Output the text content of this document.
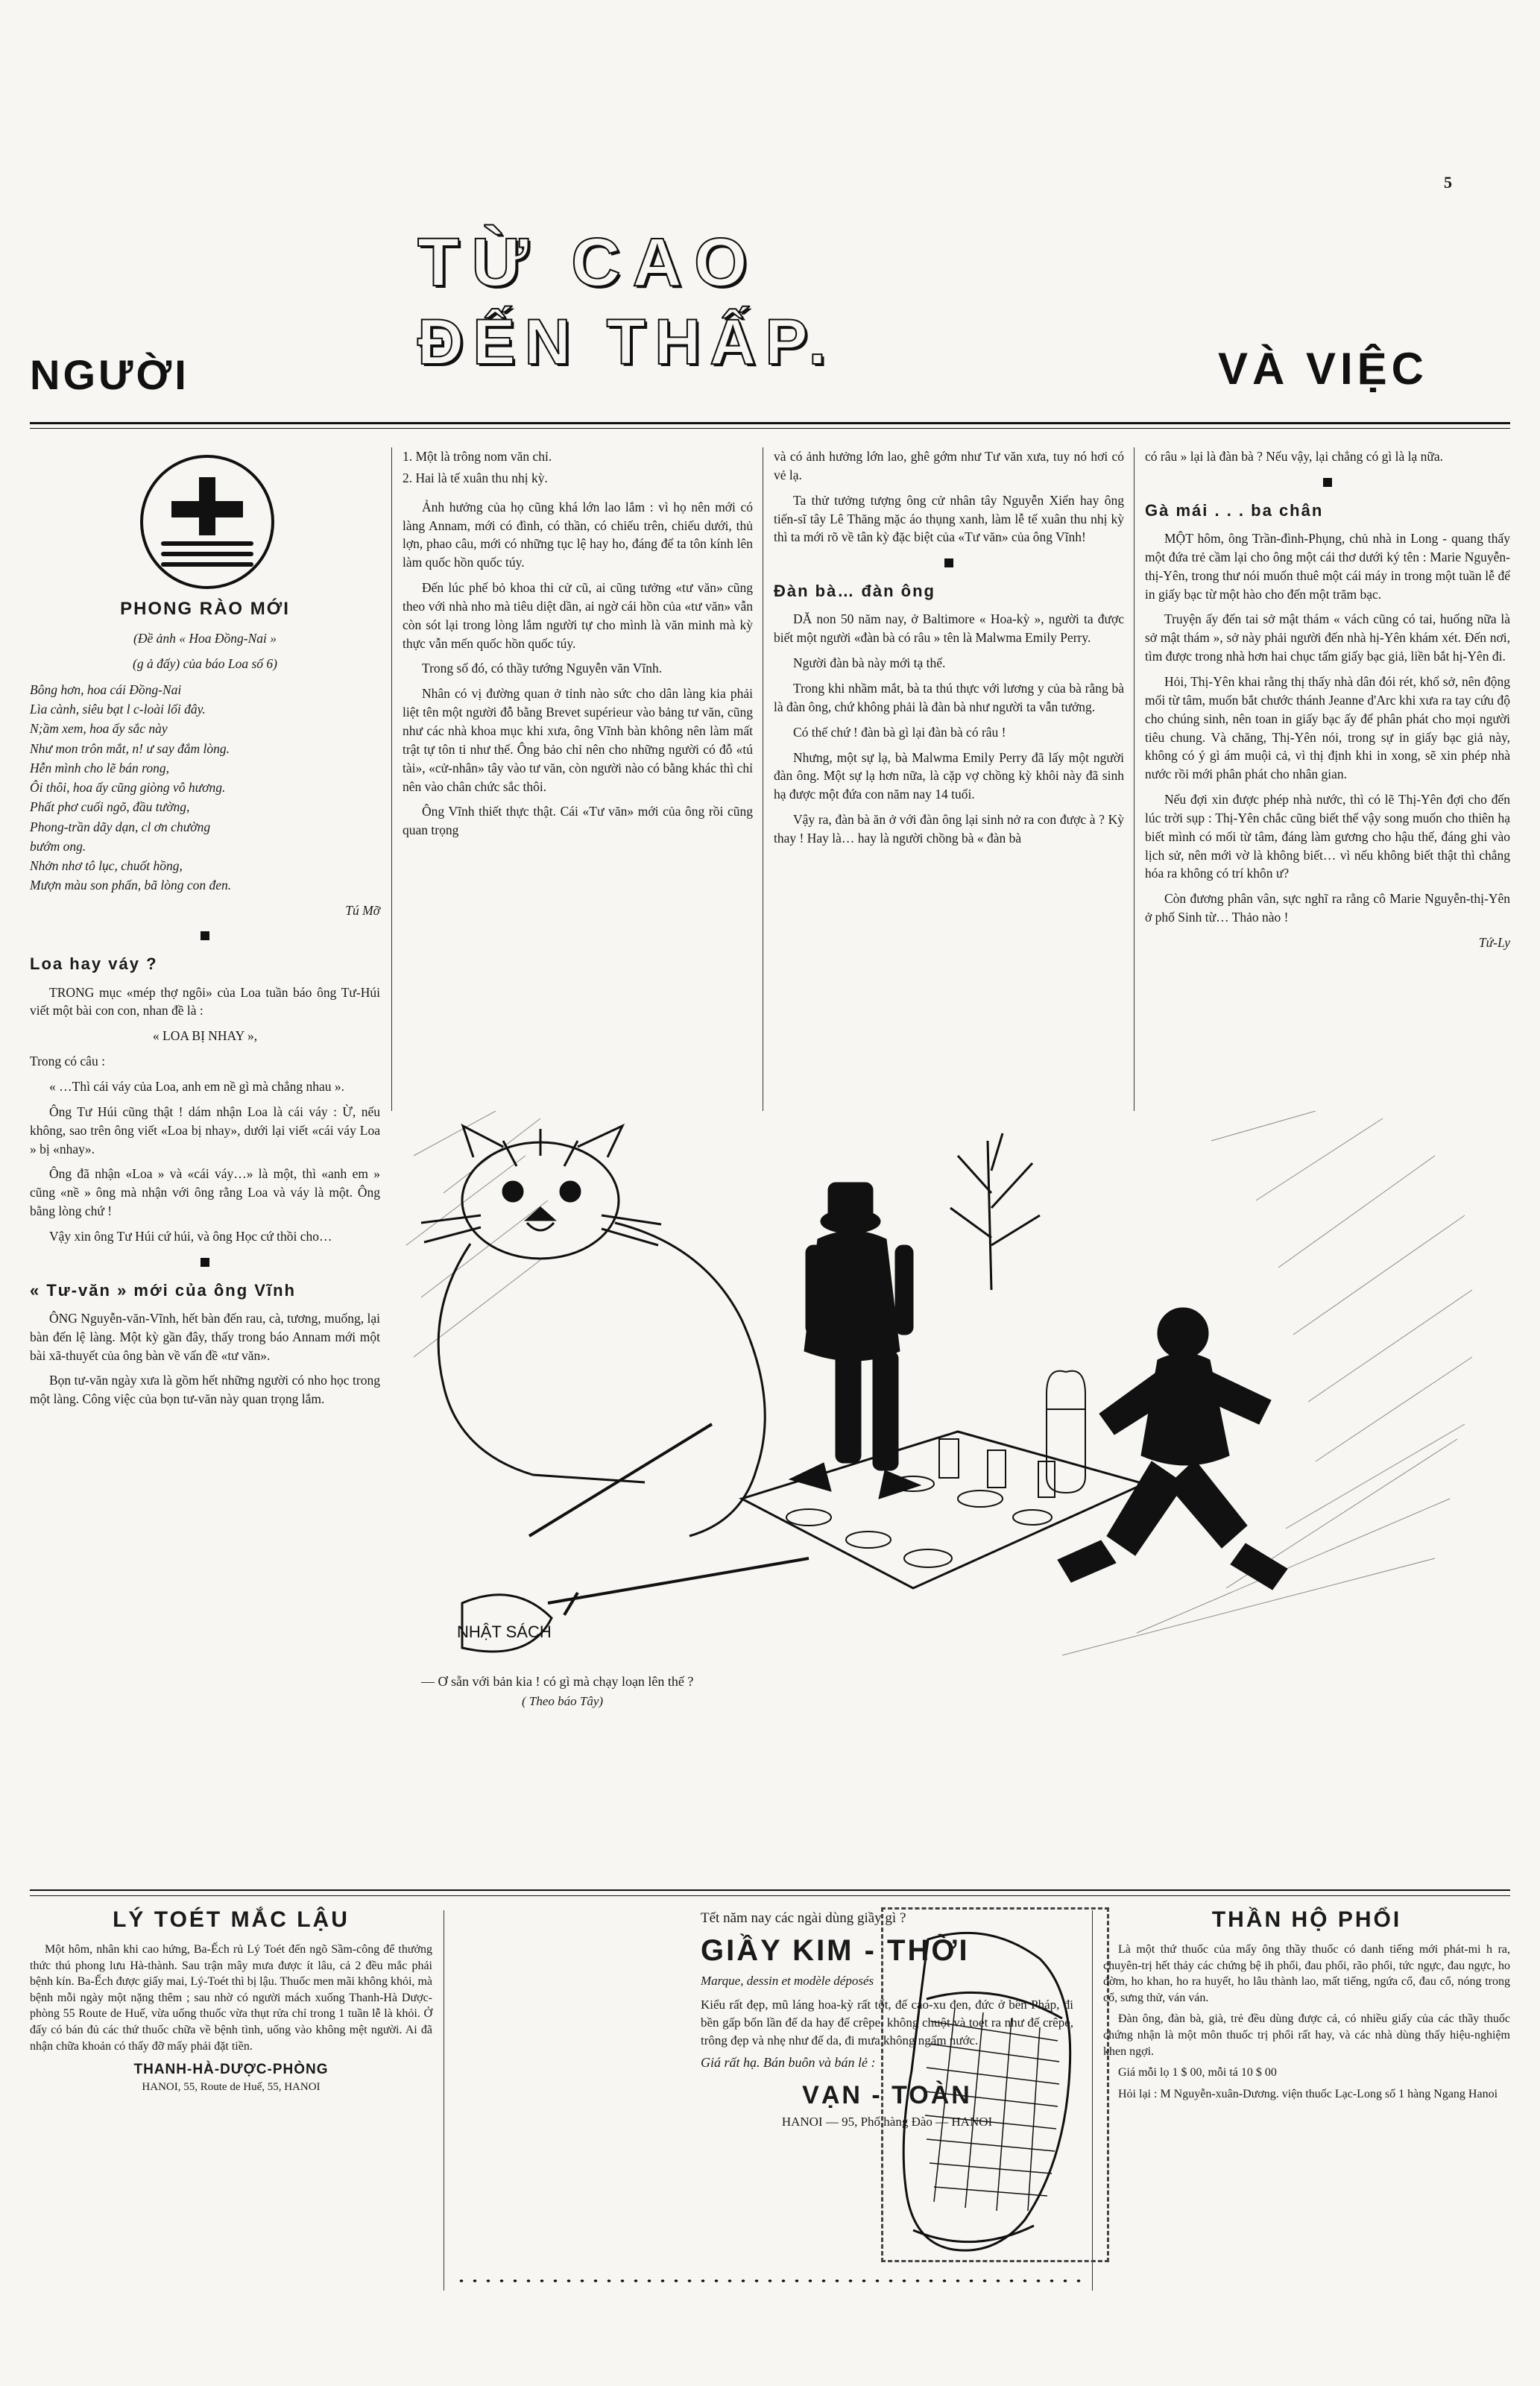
5
NGƯỜI
TỪ CAO
ĐẾN THẤP.	VÀ VIỆC
PHONG RÀO MỚI

(Đề ảnh « Hoa Đồng-Nai »

(g ả đấy) của báo Loa số 6)

Bông hơn, hoa cái Đồng-Nai
Lìa cành, siêu bạt l c-loài lối đây.
N;ầm xem, hoa ấy sắc này
Như mon trôn mắt, n! ư say đắm lòng.
Hễn mình cho lẽ bán rong,
Ôi thôi, hoa ấy cũng giòng vô hương.
Phất phơ cuối ngõ, đầu tường,
Phong-trần dãy dạn, cl ơn chường
bướm ong.
Nhởn nhơ tô lục, chuốt hồng,
Mượn màu son phấn, bã lòng con đen.
Tú Mỡ
Loa hay váy ?

TRONG mục «mép thợ ngôi» của Loa tuần báo ông Tư-Húi viết một bài con con, nhan đề là :

« LOA BỊ NHAY »,

Trong có câu :

« …Thì cái váy của Loa, anh em nề gì mà chẳng nhau ».

Ông Tư Húi cũng thật ! dám nhận Loa là cái váy : Ừ, nếu không, sao trên ông viết «Loa bị nhay», dưới lại viết «cái váy Loa » bị «nhay».

Ông đã nhận «Loa » và «cái váy…» là một, thì «anh em » cũng «nề » ông mà nhận với ông rằng Loa và váy là một. Ông bằng lòng chứ !

Vậy xin ông Tư Húi cứ húi, và ông Học cứ thồi cho…

« Tư-văn » mới của ông Vĩnh

ÔNG Nguyễn-văn-Vĩnh, hết bàn đến rau, cà, tương, muống, lại bàn đến lệ làng. Một kỳ gần đây, thấy trong báo Annam mới một bài xã-thuyết của ông bàn về vấn đề «tư văn».

Bọn tư-văn ngày xưa là gồm hết những người có nho học trong một làng. Công việc của bọn tư-văn này quan trọng lắm.

1. Một là trông nom văn chỉ.
2. Hai là tế xuân thu nhị kỳ.

Ảnh hưởng của họ cũng khá lớn lao lắm : vì họ nên mới có làng Annam, mới có đình, có thần, có chiếu trên, chiếu dưới, thủ lợn, phao câu, mới có những tục lệ hay ho, đáng để ta tôn kính lên làm quốc hồn quốc túy.

Đến lúc phế bỏ khoa thi cử cũ, ai cũng tưởng «tư văn» cũng theo với nhà nho mà tiêu diệt dần, ai ngờ cái hồn của «tư văn» vẫn còn sót lại trong lòng lắm người tự cho mình là văn minh mà kỳ thực vẫn mến quốc hồn quốc túy.

Trong số đó, có thầy tướng Nguyễn văn Vĩnh.

Nhân có vị đường quan ở tỉnh nào sức cho dân làng kia phải liệt tên một người đỗ bằng Brevet supérieur vào bảng tư văn, cũng như các nhà khoa mục khi xưa, ông Vĩnh bàn không nên làm mất trật tự tôn ti như thế. Ông bảo chỉ nên cho những người có đỗ «tú tài», «cử-nhân» tây vào tư văn, còn người nào có bằng khác thì chỉ nên vào chân chức sắc thôi.

Ông Vĩnh thiết thực thật. Cái «Tư văn» mới của ông rồi cũng quan trọng

và có ảnh hưởng lớn lao, ghê gớm như Tư văn xưa, tuy nó hơi có vẻ lạ.

Ta thử tưởng tượng ông cử nhân tây Nguyễn Xiển hay ông tiến-sĩ tây Lê Thăng mặc áo thụng xanh, làm lễ tế xuân thu nhị kỳ thì ta mới rõ về tân kỳ đặc biệt của «Tư văn» của ông Vĩnh!

Đàn bà… đàn ông

DĂ non 50 năm nay, ở Baltimore « Hoa-kỳ », người ta được biết một người «đàn bà có râu » tên là Malwma Emily Perry.

Người đàn bà này mới tạ thế.

Trong khi nhầm mắt, bà ta thú thực với lương y của bà rằng bà là đàn ông, chứ không phải là đàn bà như người ta vẫn tưởng.

Có thế chứ ! đàn bà gì lại đàn bà có râu !

Nhưng, một sự lạ, bà Malwma Emily Perry đã lấy một người đàn ông. Một sự lạ hơn nữa, là cặp vợ chồng kỳ khôi này đã sinh hạ được một đứa con năm nay 14 tuổi.

Vậy ra, đàn bà ăn ở với đàn ông lại sinh nở ra con được à ? Kỳ thay ! Hay là… hay là người chồng bà « đàn bà

có râu » lại là đàn bà ? Nếu vậy, lại chẳng có gì là lạ nữa.

Gà mái . . . ba chân

MỘT hôm, ông Trần-đình-Phụng, chủ nhà in Long - quang thấy một đứa trẻ cầm lại cho ông một cái thơ dưới ký tên : Marie Nguyễn-thị-Yên, trong thư nói muốn thuê một cái máy in trong một tuần lễ để in giấy bạc từ một hào cho đến một trăm bạc.

Truyện ấy đến tai sở mật thám « vách cũng có tai, huống nữa là sở mật thám », sở này phải người đến nhà hị-Yên khám xét. Đến nơi, tìm được trong nhà hơn hai chục tấm giấy bạc giả, liền bắt hị-Yên đi.

Hỏi, Thị-Yên khai rằng thị thấy nhà dân đói rét, khổ sở, nên động mối từ tâm, muốn bắt chước thánh Jeanne d'Arc khi xưa ra tay cứu độ cho chúng sinh, nên toan in giấy bạc ấy để phân phát cho mọi người tiêu chung. Và chăng, Thị-Yên nói, trong sự in giấy bạc giả này, không có ý gì ám muội cả, vì thị định khi in xong, sẽ xin phép nhà nước rồi mới phân phát cho nhân gian.

Nếu đợi xin được phép nhà nước, thì có lẽ Thị-Yên đợi cho đến lúc trời sụp : Thị-Yên chắc cũng biết thế vậy song muốn cho thiên hạ biết mình có mối từ tâm, đáng làm gương cho hậu thế, đáng ghi vào lịch sử, nên mới vờ là không biết… vì nếu không biết thật thì chẳng hóa ra không có trí khôn ư?

Còn đương phân vân, sực nghĩ ra rằng cô Marie Nguyễn-thị-Yên ở phố Sinh từ… Thảo nào !

Tứ-Ly
NHẬT SÁCH
— Ơ sẵn với bản kia ! có gì mà chạy loạn lên thế ?
( Theo báo Tây)
LÝ TOÉT MẮC LẬU

Một hôm, nhân khi cao hứng, Ba-Ếch rủ Lý Toét đến ngõ Sầm-công để thưởng thức thú phong lưu Hà-thành. Sau trận mây mưa được ít lâu, cả 2 đều mắc phải bệnh kín. Ba-Ếch được giấy mai, Lý-Toét thì bị lậu. Thuốc men mãi không khỏi, mà bệnh mỗi ngày một nặng thêm ; sau nhờ có người mách xuống Thanh-Hà Dược-phòng 55 Route de Huế, vừa uống thuốc vừa thụt rửa chỉ trong 1 tuần lễ là khỏi. Ở đấy có bán đủ các thứ thuốc chữa về bệnh tình, uống vào không mệt người. Ai đã nhận chữa khoản có thấy đỡ mấy phải đặt tiền.

THANH-HÀ-DƯỢC-PHÒNG
HANOI, 55, Route de Huế, 55, HANOI
Tết năm nay các ngài dùng giầy gì ?
GIẦY KIM - THỜI
Marque, dessin et modèle déposés
Kiểu rất đẹp, mũ láng hoa-kỳ rất tốt, đế cao-xu đen, đức ở bên Pháp, đi bền gấp bốn lần đế da hay đế crêpe, không chuột và toẹt ra như đế crêpe, trông đẹp và nhẹ như đế da, đi mưa không ngấm nước.
Giá rất hạ. Bán buôn và bán lẻ :
VẠN - TOÀN
HANOI — 95, Phố hàng Đào — HANOI
THẦN HỘ PHỔI

Là một thứ thuốc của mấy ông thầy thuốc có danh tiếng mới phát-mi h ra, chuyên-trị hết thảy các chứng bệ ih phổi, đau phổi, rão phổi, tức ngực, đau ngực, ho đờm, ho khan, ho ra huyết, ho lâu thành lao, mất tiếng, ngứa cổ, đau cổ, nóng trong cổ, sưng thử, ván ván.

Đàn ông, đàn bà, già, trẻ đều dùng được cả, có nhiều giấy của các thầy thuốc chứng nhận là một môn thuốc trị phổi rất hay, và các nhà dùng thấy hiệu-nghiệm khen ngợi.

Giá mỗi lọ 1 $ 00, mỗi tá 10 $ 00

Hỏi lại : M Nguyễn-xuân-Dương. viện thuốc Lạc-Long số 1 hàng Ngang Hanoi
